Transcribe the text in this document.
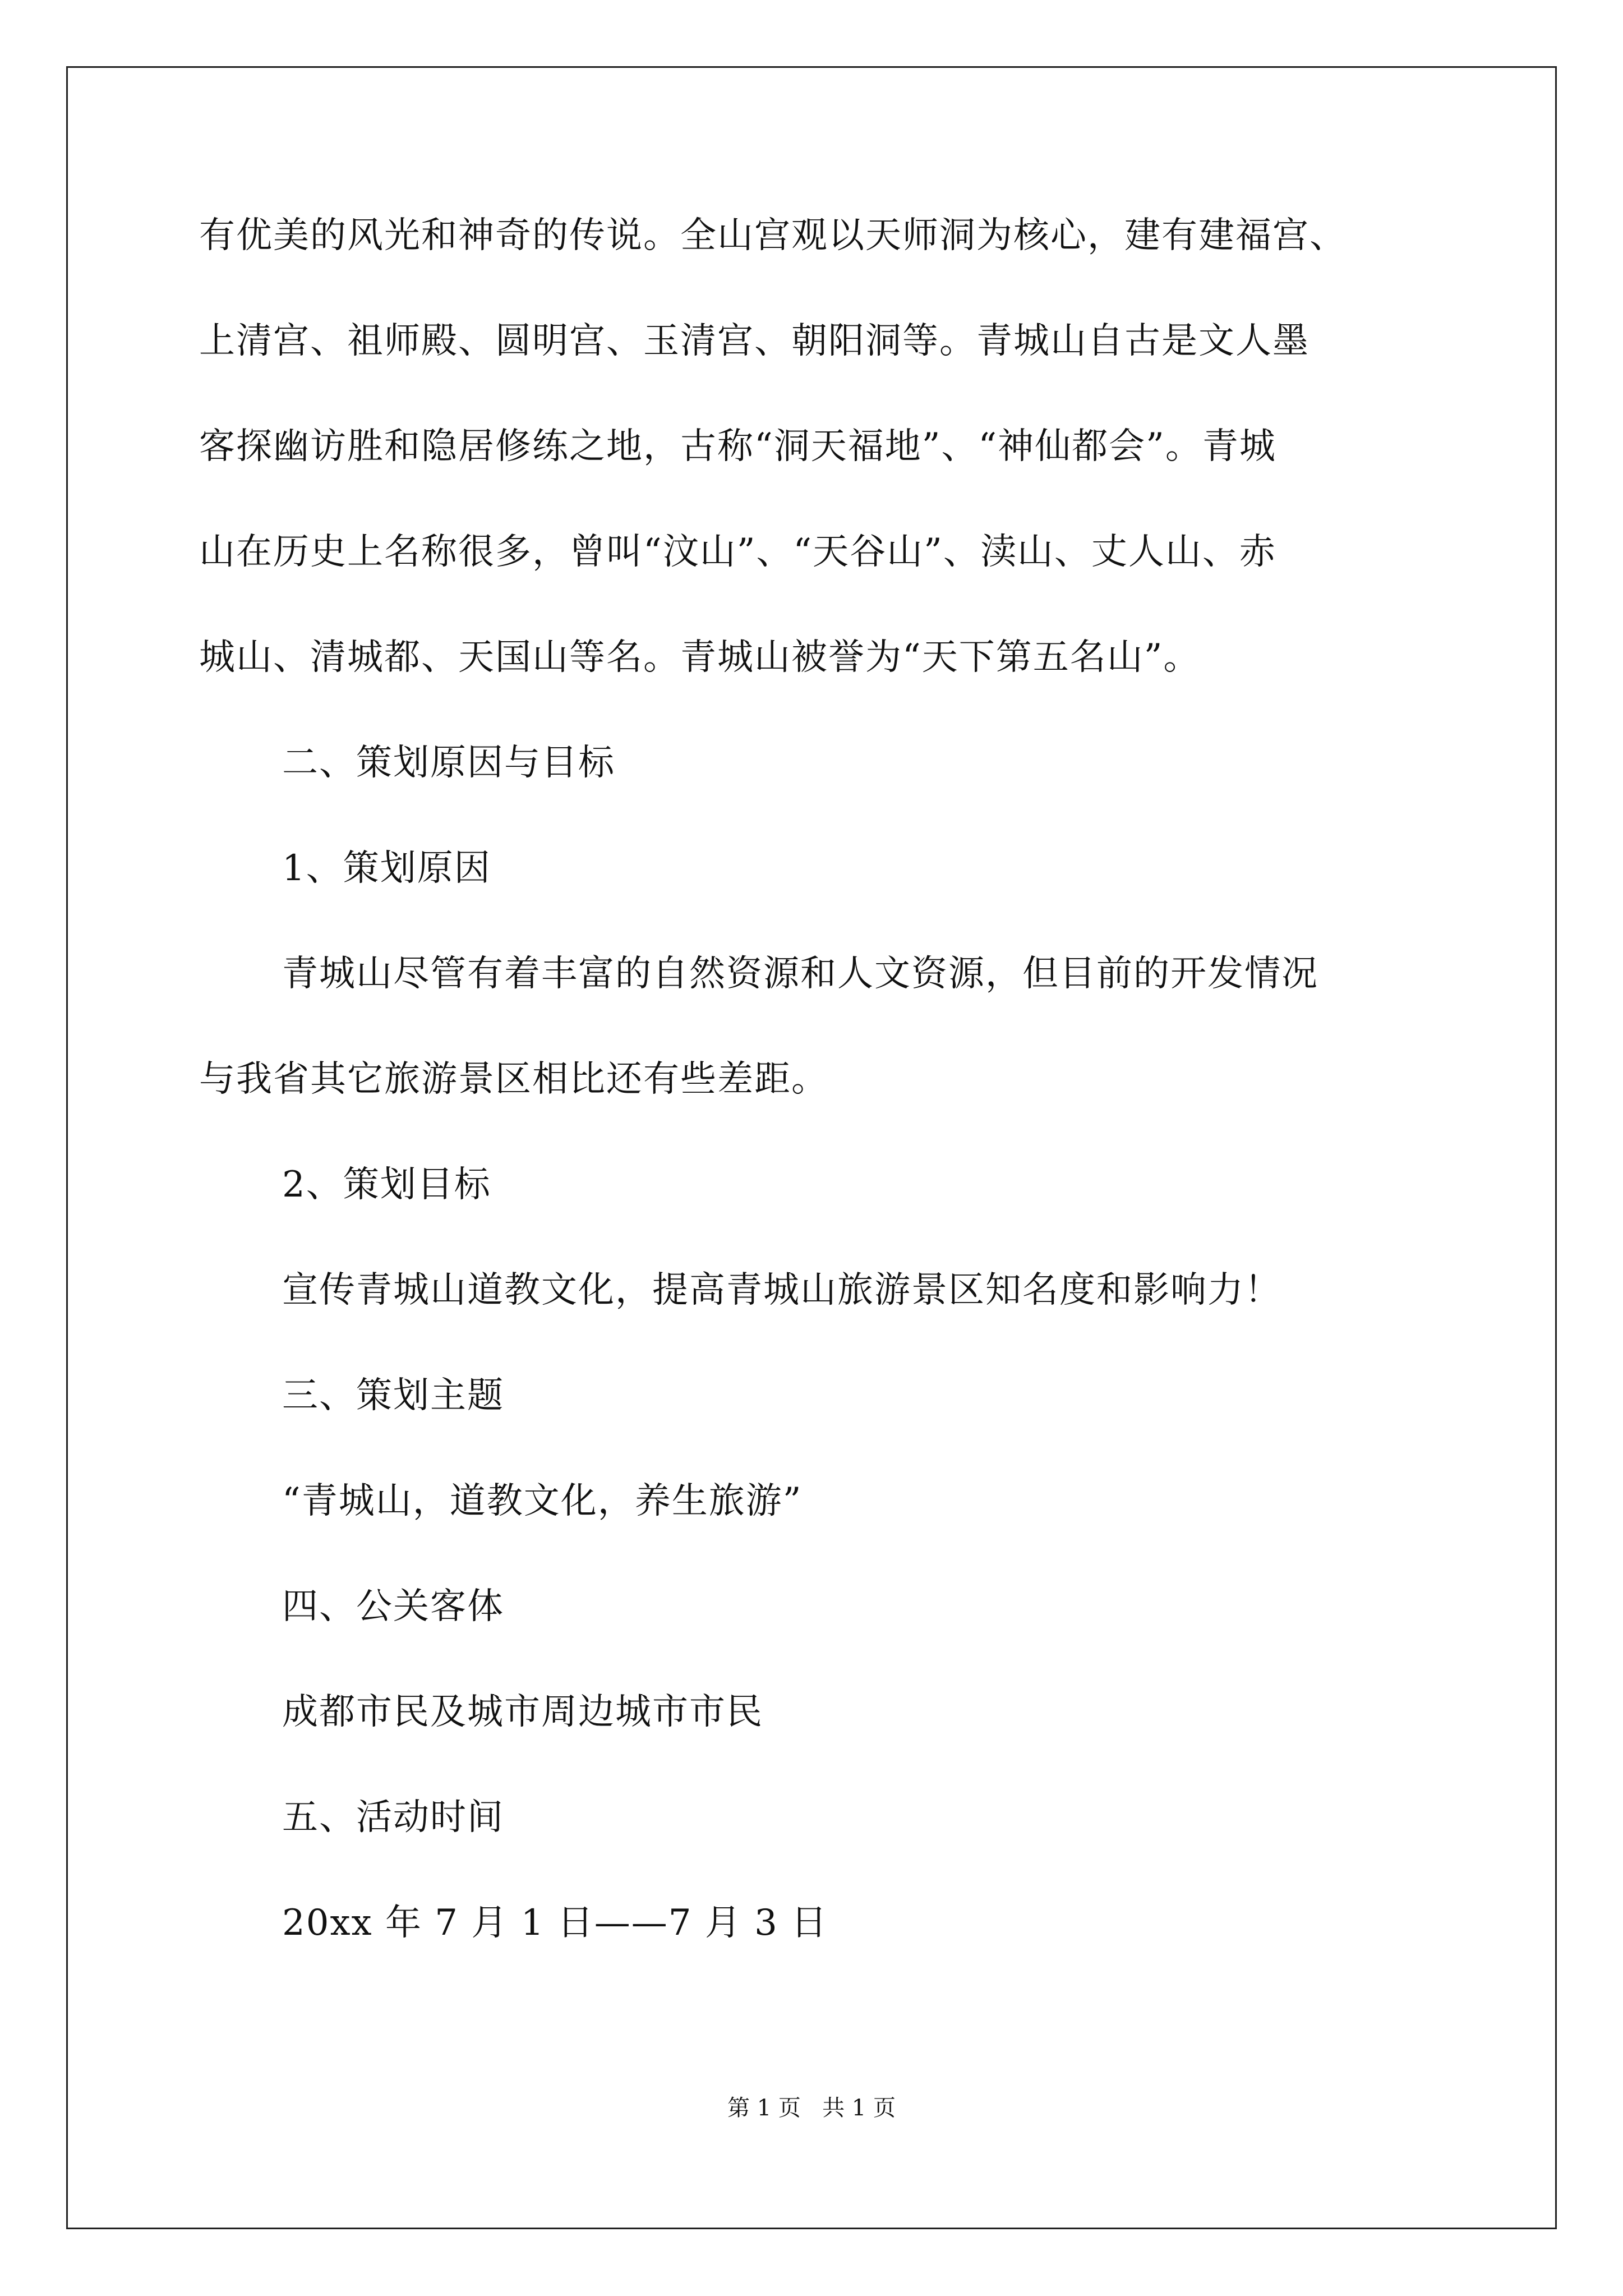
有优美的风光和神奇的传说。全山宫观以天师洞为核心，建有建福宫、
上清宫、祖师殿、圆明宫、玉清宫、朝阳洞等。青城山自古是文人墨
客探幽访胜和隐居修练之地，古称“洞天福地”、“神仙都会”。青城
山在历史上名称很多，曾叫“汶山”、“天谷山”、渎山、丈人山、赤
城山、清城都、天国山等名。青城山被誉为“天下第五名山”。
二、策划原因与目标
1、策划原因
青城山尽管有着丰富的自然资源和人文资源，但目前的开发情况
与我省其它旅游景区相比还有些差距。
2、策划目标
宣传青城山道教文化，提高青城山旅游景区知名度和影响力！
三、策划主题
“青城山，道教文化，养生旅游”
四、公关客体
成都市民及城市周边城市市民
五、活动时间
20xx 年 7 月 1 日——7 月 3 日
第 1 页   共 1 页
